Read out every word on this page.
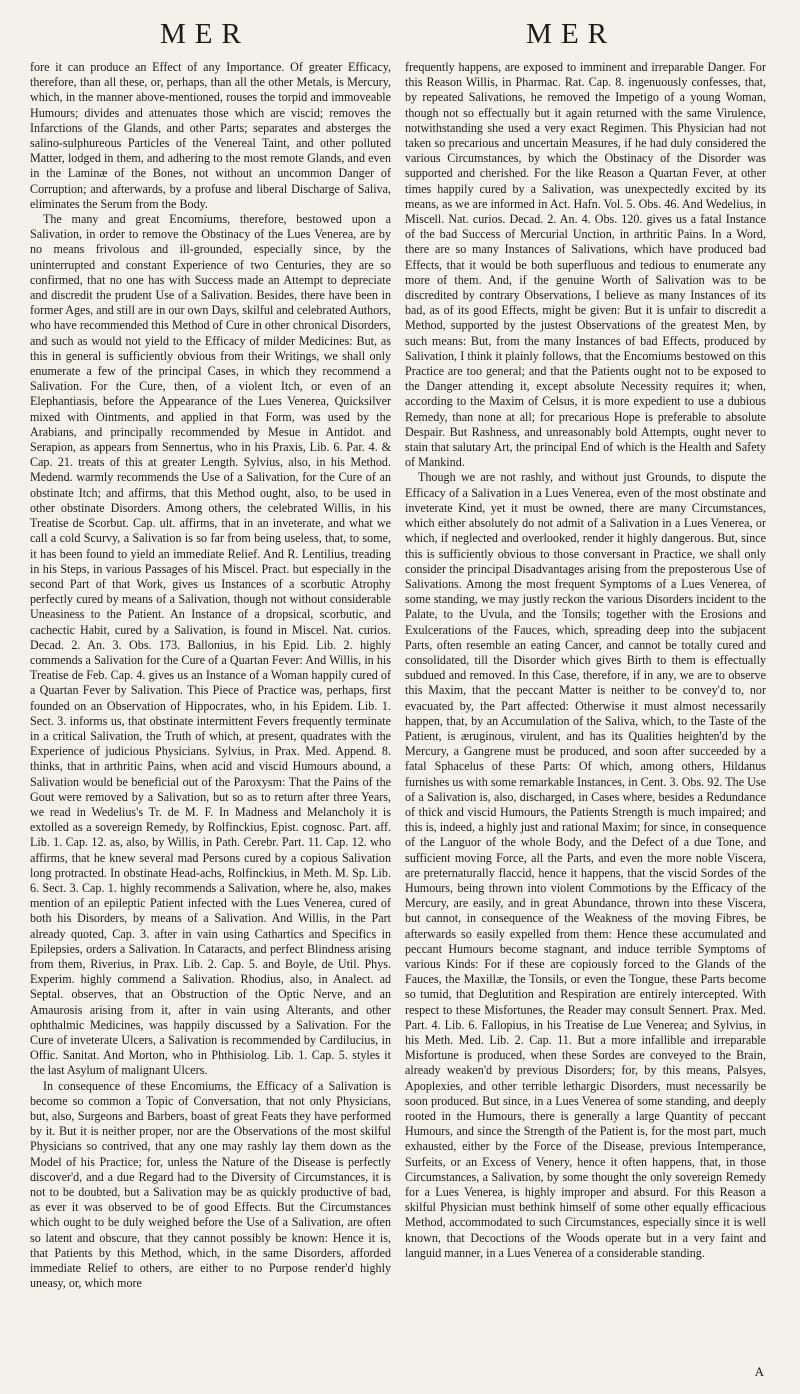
MER	MER

fore it can produce an Effect of any Importance. Of greater Efficacy, therefore, than all these, or, perhaps, than all the other Metals, is Mercury, which, in the manner above-mentioned, rouses the torpid and immoveable Humours; divides and attenuates those which are viscid; removes the Infarctions of the Glands, and other Parts; separates and absterges the salino-sulphureous Particles of the Venereal Taint, and other polluted Matter, lodged in them, and adhering to the most remote Glands, and even in the Laminæ of the Bones, not without an uncommon Danger of Corruption; and afterwards, by a profuse and liberal Discharge of Saliva, eliminates the Serum from the Body.

The many and great Encomiums, therefore, bestowed upon a Salivation, in order to remove the Obstinacy of the Lues Venerea, are by no means frivolous and ill-grounded, especially since, by the uninterrupted and constant Experience of two Centuries, they are so confirmed, that no one has with Success made an Attempt to depreciate and discredit the prudent Use of a Salivation. Besides, there have been in former Ages, and still are in our own Days, skilful and celebrated Authors, who have recommended this Method of Cure in other chronical Disorders, and such as would not yield to the Efficacy of milder Medicines: But, as this in general is sufficiently obvious from their Writings, we shall only enumerate a few of the principal Cases, in which they recommend a Salivation. For the Cure, then, of a violent Itch, or even of an Elephantiasis, before the Appearance of the Lues Venerea, Quicksilver mixed with Ointments, and applied in that Form, was used by the Arabians, and principally recommended by Mesue in Antidot. and Serapion, as appears from Sennertus, who in his Praxis, Lib. 6. Par. 4. & Cap. 21. treats of this at greater Length. Sylvius, also, in his Method. Medend. warmly recommends the Use of a Salivation, for the Cure of an obstinate Itch; and affirms, that this Method ought, also, to be used in other obstinate Disorders. Among others, the celebrated Willis, in his Treatise de Scorbut. Cap. ult. affirms, that in an inveterate, and what we call a cold Scurvy, a Salivation is so far from being useless, that, to some, it has been found to yield an immediate Relief. And R. Lentilius, treading in his Steps, in various Passages of his Miscel. Pract. but especially in the second Part of that Work, gives us Instances of a scorbutic Atrophy perfectly cured by means of a Salivation, though not without considerable Uneasiness to the Patient. An Instance of a dropsical, scorbutic, and cachectic Habit, cured by a Salivation, is found in Miscel. Nat. curios. Decad. 2. An. 3. Obs. 173. Ballonius, in his Epid. Lib. 2. highly commends a Salivation for the Cure of a Quartan Fever: And Willis, in his Treatise de Feb. Cap. 4. gives us an Instance of a Woman happily cured of a Quartan Fever by Salivation. This Piece of Practice was, perhaps, first founded on an Observation of Hippocrates, who, in his Epidem. Lib. 1. Sect. 3. informs us, that obstinate intermittent Fevers frequently terminate in a critical Salivation, the Truth of which, at present, quadrates with the Experience of judicious Physicians. Sylvius, in Prax. Med. Append. 8. thinks, that in arthritic Pains, when acid and viscid Humours abound, a Salivation would be beneficial out of the Paroxysm: That the Pains of the Gout were removed by a Salivation, but so as to return after three Years, we read in Wedelius's Tr. de M. F. In Madness and Melancholy it is extolled as a sovereign Remedy, by Rolfinckius, Epist. cognosc. Part. aff. Lib. 1. Cap. 12. as, also, by Willis, in Path. Cerebr. Part. 11. Cap. 12. who affirms, that he knew several mad Persons cured by a copious Salivation long protracted. In obstinate Head-achs, Rolfinckius, in Meth. M. Sp. Lib. 6. Sect. 3. Cap. 1. highly recommends a Salivation, where he, also, makes mention of an epileptic Patient infected with the Lues Venerea, cured of both his Disorders, by means of a Salivation. And Willis, in the Part already quoted, Cap. 3. after in vain using Cathartics and Specifics in Epilepsies, orders a Salivation. In Cataracts, and perfect Blindness arising from them, Riverius, in Prax. Lib. 2. Cap. 5. and Boyle, de Util. Phys. Experim. highly commend a Salivation. Rhodius, also, in Analect. ad Septal. observes, that an Obstruction of the Optic Nerve, and an Amaurosis arising from it, after in vain using Alterants, and other ophthalmic Medicines, was happily discussed by a Salivation. For the Cure of inveterate Ulcers, a Salivation is recommended by Cardilucius, in Offic. Sanitat. And Morton, who in Phthisiolog. Lib. 1. Cap. 5. styles it the last Asylum of malignant Ulcers.

In consequence of these Encomiums, the Efficacy of a Salivation is become so common a Topic of Conversation, that not only Physicians, but, also, Surgeons and Barbers, boast of great Feats they have performed by it. But it is neither proper, nor are the Observations of the most skilful Physicians so contrived, that any one may rashly lay them down as the Model of his Practice; for, unless the Nature of the Disease is perfectly discover'd, and a due Regard had to the Diversity of Circumstances, it is not to be doubted, but a Salivation may be as quickly productive of bad, as ever it was observed to be of good Effects. But the Circumstances which ought to be duly weighed before the Use of a Salivation, are often so latent and obscure, that they cannot possibly be known: Hence it is, that Patients by this Method, which, in the same Disorders, afforded immediate Relief to others, are either to no Purpose render'd highly uneasy, or, which more

frequently happens, are exposed to imminent and irreparable Danger. For this Reason Willis, in Pharmac. Rat. Cap. 8. ingenuously confesses, that, by repeated Salivations, he removed the Impetigo of a young Woman, though not so effectually but it again returned with the same Virulence, notwithstanding she used a very exact Regimen. This Physician had not taken so precarious and uncertain Measures, if he had duly considered the various Circumstances, by which the Obstinacy of the Disorder was supported and cherished. For the like Reason a Quartan Fever, at other times happily cured by a Salivation, was unexpectedly excited by its means, as we are informed in Act. Hafn. Vol. 5. Obs. 46. And Wedelius, in Miscell. Nat. curios. Decad. 2. An. 4. Obs. 120. gives us a fatal Instance of the bad Success of Mercurial Unction, in arthritic Pains. In a Word, there are so many Instances of Salivations, which have produced bad Effects, that it would be both superfluous and tedious to enumerate any more of them. And, if the genuine Worth of Salivation was to be discredited by contrary Observations, I believe as many Instances of its bad, as of its good Effects, might be given: But it is unfair to discredit a Method, supported by the justest Observations of the greatest Men, by such means: But, from the many Instances of bad Effects, produced by Salivation, I think it plainly follows, that the Encomiums bestowed on this Practice are too general; and that the Patients ought not to be exposed to the Danger attending it, except absolute Necessity requires it; when, according to the Maxim of Celsus, it is more expedient to use a dubious Remedy, than none at all; for precarious Hope is preferable to absolute Despair. But Rashness, and unreasonably bold Attempts, ought never to stain that salutary Art, the principal End of which is the Health and Safety of Mankind.

Though we are not rashly, and without just Grounds, to dispute the Efficacy of a Salivation in a Lues Venerea, even of the most obstinate and inveterate Kind, yet it must be owned, there are many Circumstances, which either absolutely do not admit of a Salivation in a Lues Venerea, or which, if neglected and overlooked, render it highly dangerous. But, since this is sufficiently obvious to those conversant in Practice, we shall only consider the principal Disadvantages arising from the preposterous Use of Salivations. Among the most frequent Symptoms of a Lues Venerea, of some standing, we may justly reckon the various Disorders incident to the Palate, to the Uvula, and the Tonsils; together with the Erosions and Exulcerations of the Fauces, which, spreading deep into the subjacent Parts, often resemble an eating Cancer, and cannot be totally cured and consolidated, till the Disorder which gives Birth to them is effectually subdued and removed. In this Case, therefore, if in any, we are to observe this Maxim, that the peccant Matter is neither to be convey'd to, nor evacuated by, the Part affected: Otherwise it must almost necessarily happen, that, by an Accumulation of the Saliva, which, to the Taste of the Patient, is æruginous, virulent, and has its Qualities heighten'd by the Mercury, a Gangrene must be produced, and soon after succeeded by a fatal Sphacelus of these Parts: Of which, among others, Hildanus furnishes us with some remarkable Instances, in Cent. 3. Obs. 92. The Use of a Salivation is, also, discharged, in Cases where, besides a Redundance of thick and viscid Humours, the Patients Strength is much impaired; and this is, indeed, a highly just and rational Maxim; for since, in consequence of the Languor of the whole Body, and the Defect of a due Tone, and sufficient moving Force, all the Parts, and even the more noble Viscera, are preternaturally flaccid, hence it happens, that the viscid Sordes of the Humours, being thrown into violent Commotions by the Efficacy of the Mercury, are easily, and in great Abundance, thrown into these Viscera, but cannot, in consequence of the Weakness of the moving Fibres, be afterwards so easily expelled from them: Hence these accumulated and peccant Humours become stagnant, and induce terrible Symptoms of various Kinds: For if these are copiously forced to the Glands of the Fauces, the Maxillæ, the Tonsils, or even the Tongue, these Parts become so tumid, that Deglutition and Respiration are entirely intercepted. With respect to these Misfortunes, the Reader may consult Sennert. Prax. Med. Part. 4. Lib. 6. Fallopius, in his Treatise de Lue Venerea; and Sylvius, in his Meth. Med. Lib. 2. Cap. 11. But a more infallible and irreparable Misfortune is produced, when these Sordes are conveyed to the Brain, already weaken'd by previous Disorders; for, by this means, Palsyes, Apoplexies, and other terrible lethargic Disorders, must necessarily be soon produced. But since, in a Lues Venerea of some standing, and deeply rooted in the Humours, there is generally a large Quantity of peccant Humours, and since the Strength of the Patient is, for the most part, much exhausted, either by the Force of the Disease, previous Intemperance, Surfeits, or an Excess of Venery, hence it often happens, that, in those Circumstances, a Salivation, by some thought the only sovereign Remedy for a Lues Venerea, is highly improper and absurd. For this Reason a skilful Physician must bethink himself of some other equally efficacious Method, accommodated to such Circumstances, especially since it is well known, that Decoctions of the Woods operate but in a very faint and languid manner, in a Lues Venerea of a considerable standing.

A
